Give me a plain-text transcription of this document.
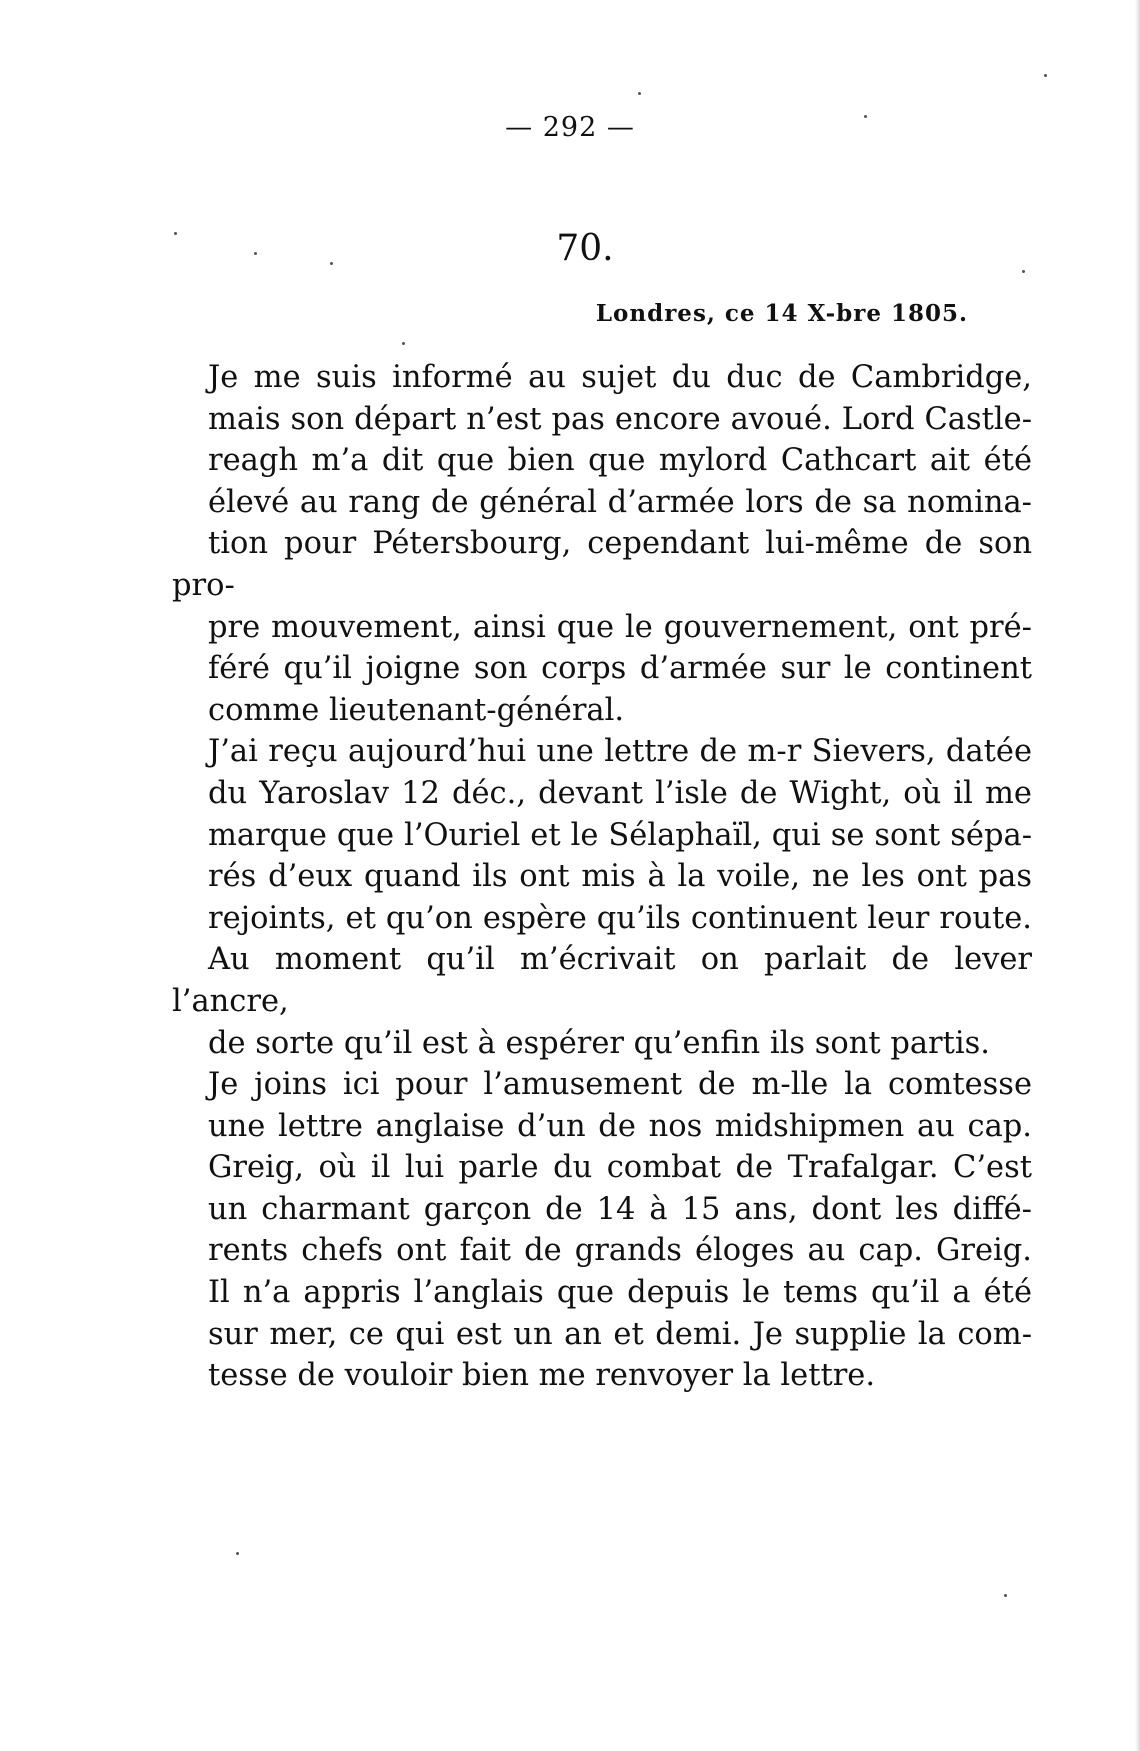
— 292 —
70.
Londres, ce 14 X-bre 1805.

Je me suis informé au sujet du duc de Cambridge,
mais son départ n’est pas encore avoué. Lord Castle-
reagh m’a dit que bien que mylord Cathcart ait été
élevé au rang de général d’armée lors de sa nomina-
tion pour Pétersbourg, cependant lui-même de son pro-
pre mouvement, ainsi que le gouvernement, ont pré-
féré qu’il joigne son corps d’armée sur le continent
comme lieutenant-général.

J’ai reçu aujourd’hui une lettre de m-r Sievers, datée
du Yaroslav 12 déc., devant l’isle de Wight, où il me
marque que l’Ouriel et le Sélaphaïl, qui se sont sépa-
rés d’eux quand ils ont mis à la voile, ne les ont pas
rejoints, et qu’on espère qu’ils continuent leur route.
Au moment qu’il m’écrivait on parlait de lever l’ancre,
de sorte qu’il est à espérer qu’enfin ils sont partis.

Je joins ici pour l’amusement de m-lle la comtesse
une lettre anglaise d’un de nos midshipmen au cap.
Greig, où il lui parle du combat de Trafalgar. C’est
un charmant garçon de 14 à 15 ans, dont les diffé-
rents chefs ont fait de grands éloges au cap. Greig.
Il n’a appris l’anglais que depuis le tems qu’il a été
sur mer, ce qui est un an et demi. Je supplie la com-
tesse de vouloir bien me renvoyer la lettre.
